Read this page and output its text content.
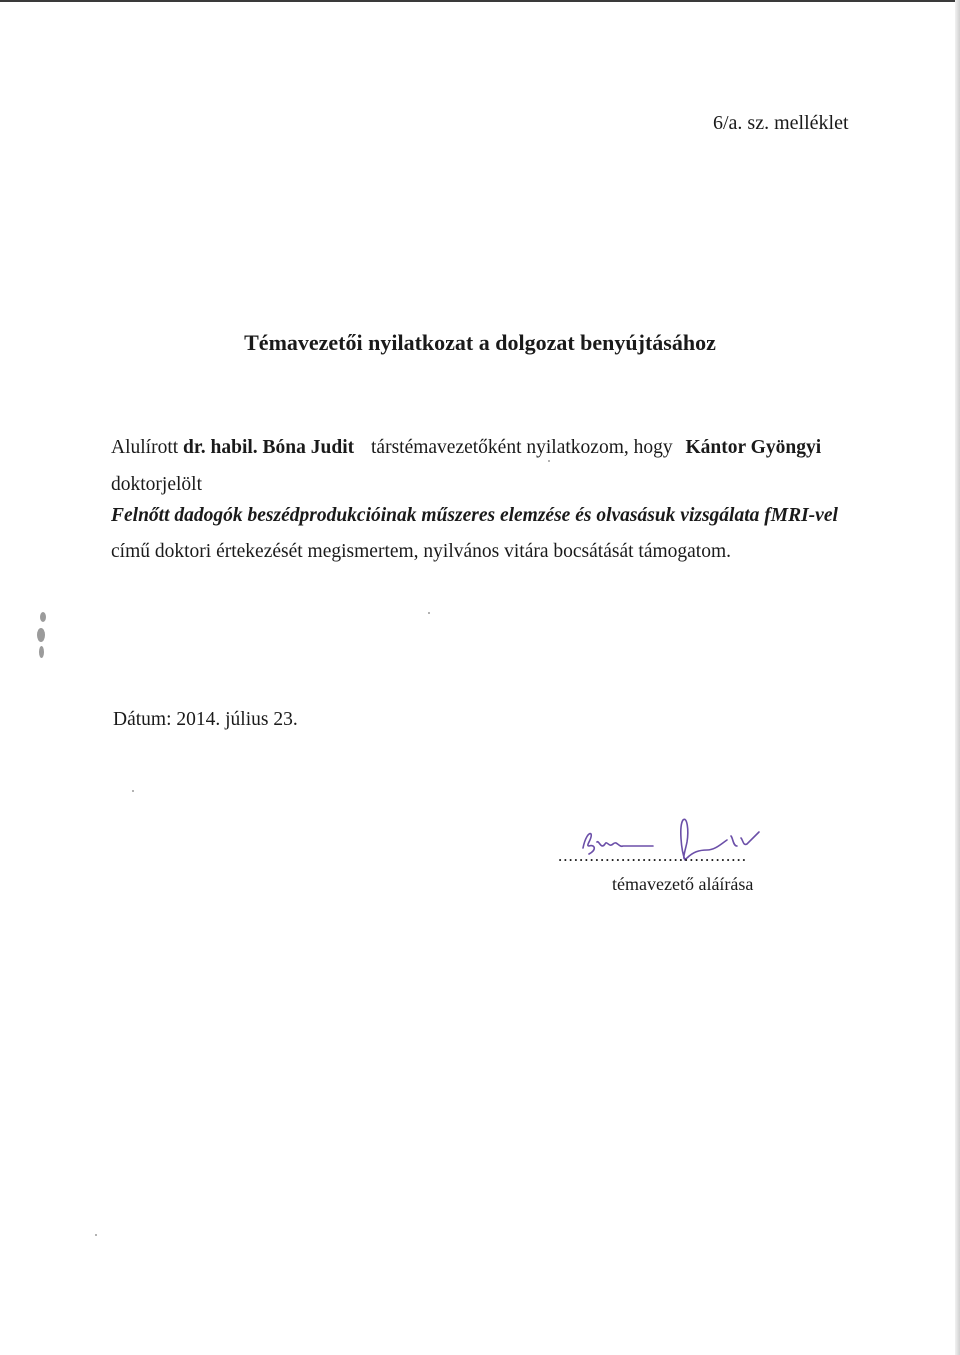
6/a. sz. melléklet
Témavezetői nyilatkozat a dolgozat benyújtásához
Alulírott dr. habil. Bóna Judit társtémavezetőként nyilatkozom, hogy Kántor Gyöngyi
doktorjelölt
Felnőtt dadogók beszédprodukcióinak műszeres elemzése és olvasásuk vizsgálata fMRI-vel
című doktori értekezését megismertem, nyilvános vitára bocsátását támogatom.
Dátum: 2014. július 23.
....................................
témavezető aláírása
